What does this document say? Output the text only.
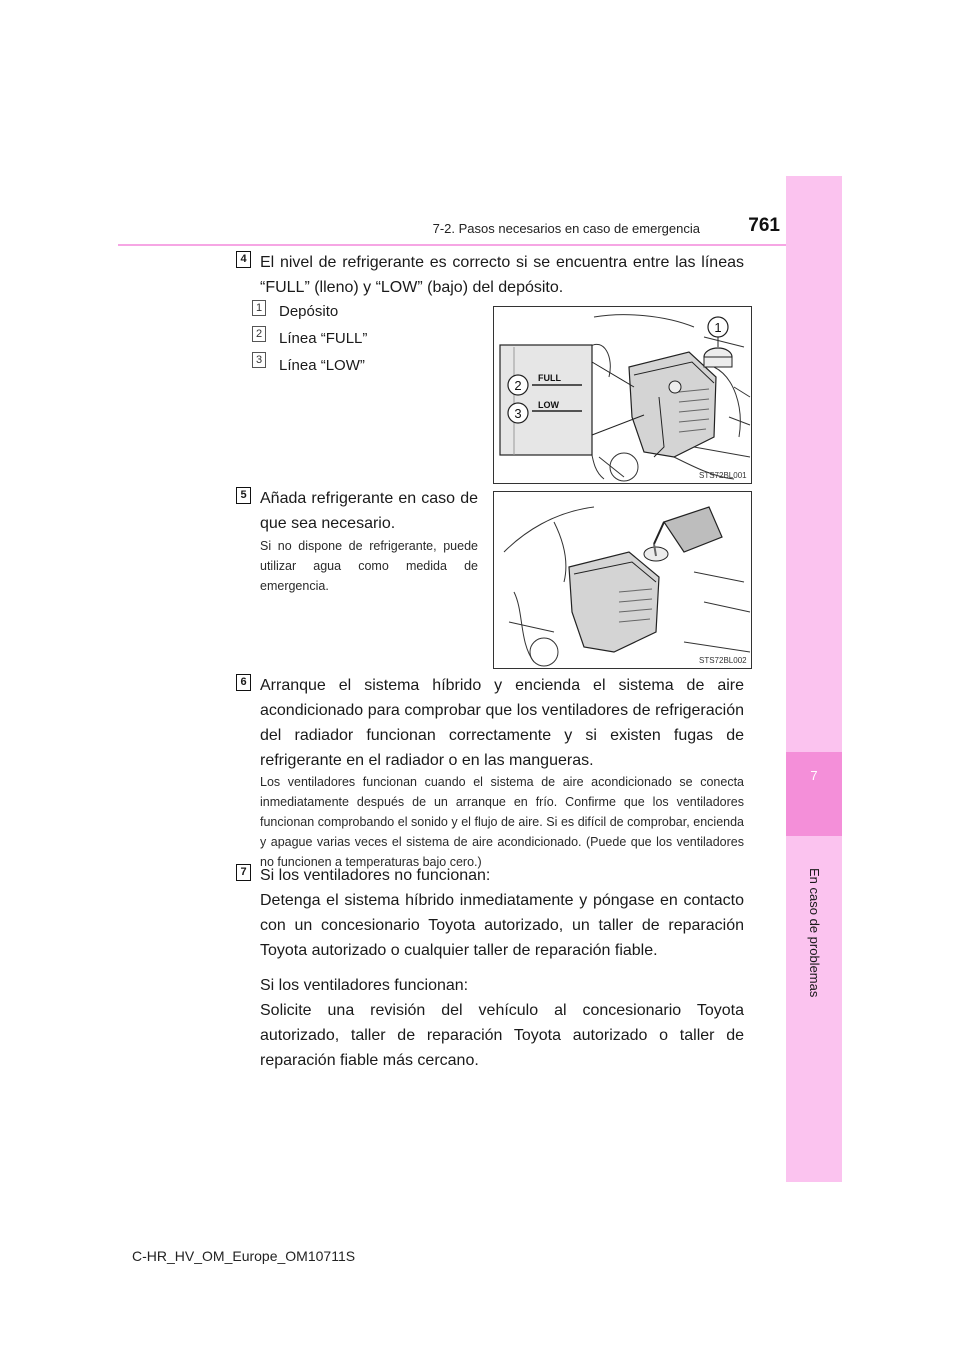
7
En caso de problemas
7-2. Pasos necesarios en caso de emergencia	761
4 El nivel de refrigerante es correcto si se encuentra entre las líneas “FULL” (lleno) y “LOW” (bajo) del depósito.
1 Depósito
2 Línea “FULL”
3 Línea “LOW”
FULL
LOW
1
2
3
STS72BL001
5 Añada refrigerante en caso de que sea necesario.
Si no dispone de refrigerante, puede utilizar agua como medida de emergencia.
STS72BL002
6 Arranque el sistema híbrido y encienda el sistema de aire acondicionado para comprobar que los ventiladores de refrigeración del radiador funcionan correctamente y si existen fugas de refrigerante en el radiador o en las mangueras.
Los ventiladores funcionan cuando el sistema de aire acondicionado se conecta inmediatamente después de un arranque en frío. Confirme que los ventiladores funcionan comprobando el sonido y el flujo de aire. Si es difícil de comprobar, encienda y apague varias veces el sistema de aire acondicionado. (Puede que los ventiladores no funcionen a temperaturas bajo cero.)
7 Si los ventiladores no funcionan:
Detenga el sistema híbrido inmediatamente y póngase en contacto con un concesionario Toyota autorizado, un taller de reparación Toyota autorizado o cualquier taller de reparación fiable.
Si los ventiladores funcionan:
Solicite una revisión del vehículo al concesionario Toyota autorizado, taller de reparación Toyota autorizado o taller de reparación fiable más cercano.
C-HR_HV_OM_Europe_OM10711S
